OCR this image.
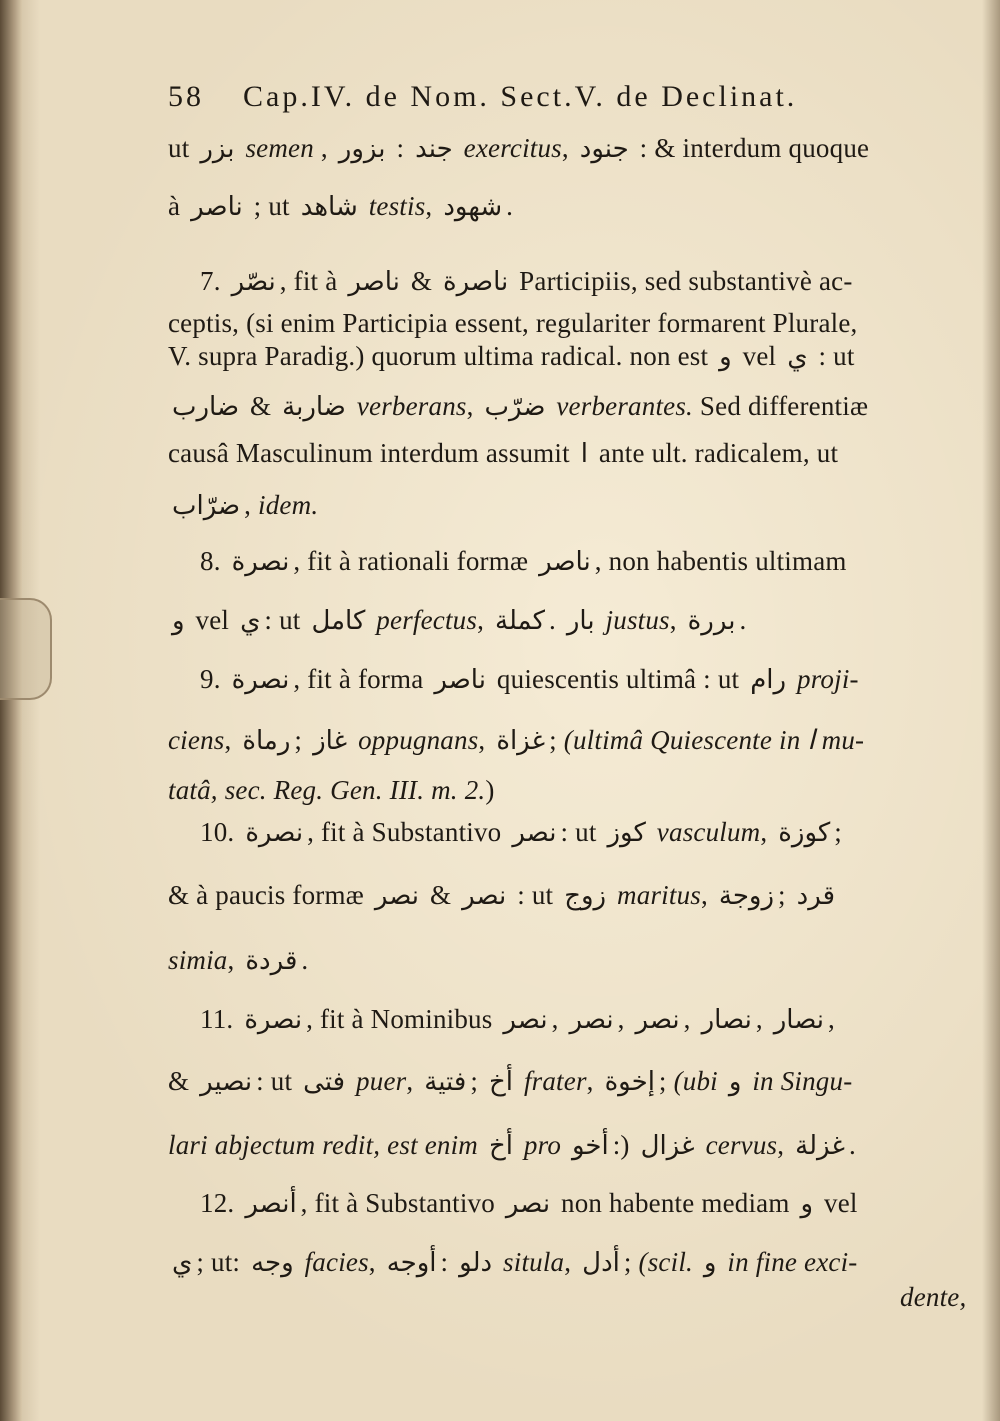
58 Cap.IV. de Nom. Sect.V. de Declinat.
ut بزر semen , بزور : جند exercitus, جنود : & interdum quoque
à ناصر ; ut شاهد testis, شهود .
7. نصّر , fit à ناصر & ناصرة Participiis, sed substantivè ac-
ceptis, (si enim Participia essent, regulariter formarent Plurale,
V. supra Paradig.) quorum ultima radical. non est و vel ي : ut
ضارب & ضاربة verberans, ضرّب verberantes. Sed differentiæ
causâ Masculinum interdum assumit ا ante ult. radicalem, ut
ضرّاب , idem.
8. نصرة , fit à rationali formæ ناصر , non habentis ultimam
و vel ي : ut كامل perfectus, كملة . بار justus, بررة .
9. نصرة , fit à forma ناصر quiescentis ultimâ : ut رام proji-
ciens, رماة ; غاز oppugnans, غزاة ; (ultimâ Quiescente in ا mu-
tatâ, sec. Reg. Gen. III. m. 2.)
10. نصرة , fit à Substantivo نصر : ut كوز vasculum, كوزة ;
& à paucis formæ نصر & نصر : ut زوج maritus, زوجة ; قرد
simia, قردة .
11. نصرة , fit à Nominibus نصر , نصر , نصر , نصار , نصار ,
& نصير : ut فتى puer, فتية ; أخ frater, إخوة ; (ubi و in Singu-
lari abjectum redit, est enim أخ pro أخو :) غزال cervus, غزلة .
12. أنصر , fit à Substantivo نصر non habente mediam و vel
ي ; ut: وجه facies, أوجه : دلو situla, أدل ; (scil. و in fine exci-
dente,
